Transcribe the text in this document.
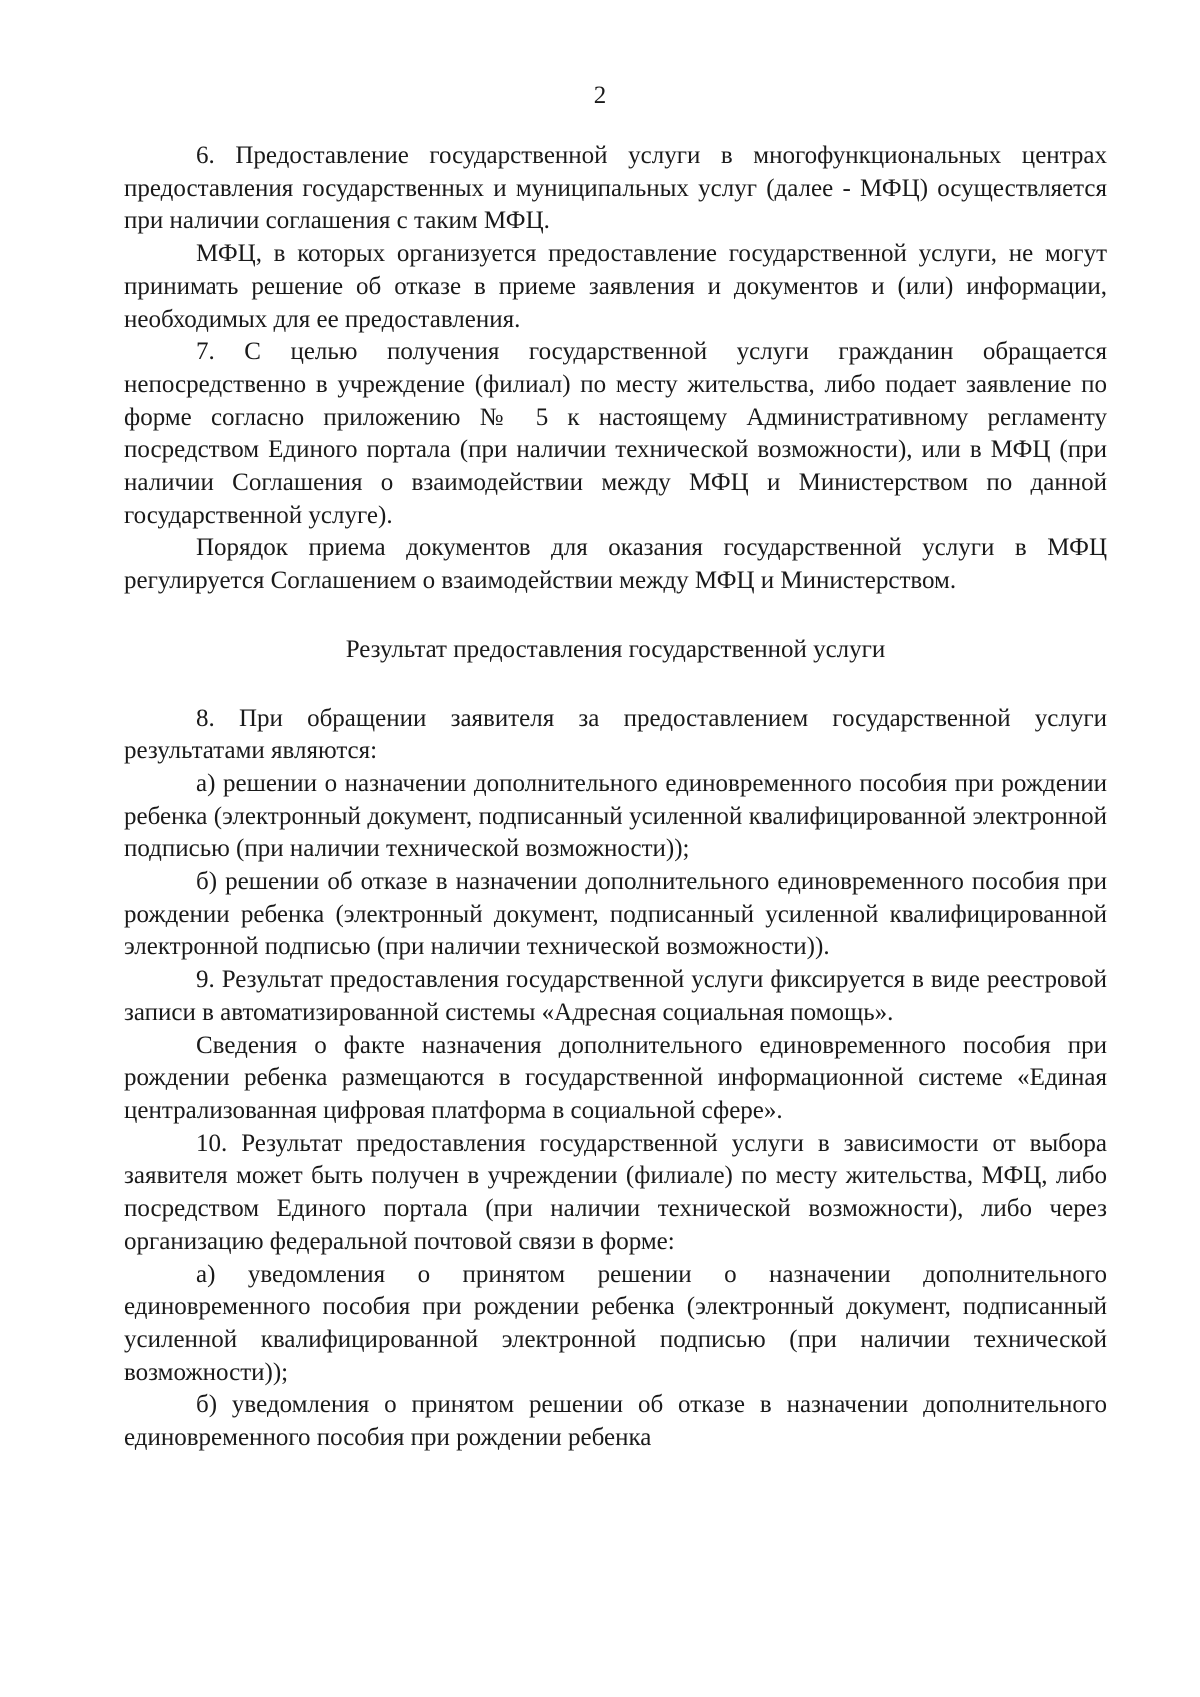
2

6. Предоставление государственной услуги в многофункциональных центрах предоставления государственных и муниципальных услуг (далее - МФЦ) осуществляется при наличии соглашения с таким МФЦ.

МФЦ, в которых организуется предоставление государственной услуги, не могут принимать решение об отказе в приеме заявления и документов и (или) информации, необходимых для ее предоставления.

7. С целью получения государственной услуги гражданин обращается непосредственно в учреждение (филиал) по месту жительства, либо подает заявление по форме согласно приложению № 5 к настоящему Административному регламенту посредством Единого портала (при наличии технической возможности), или в МФЦ (при наличии Соглашения о взаимодействии между МФЦ и Министерством по данной государственной услуге).

Порядок приема документов для оказания государственной услуги в МФЦ регулируется Соглашением о взаимодействии между МФЦ и Министерством.

Результат предоставления государственной услуги

8. При обращении заявителя за предоставлением государственной услуги результатами являются:

а) решении о назначении дополнительного единовременного пособия при рождении ребенка (электронный документ, подписанный усиленной квалифицированной электронной подписью (при наличии технической возможности));

б) решении об отказе в назначении дополнительного единовременного пособия при рождении ребенка (электронный документ, подписанный усиленной квалифицированной электронной подписью (при наличии технической возможности)).

9. Результат предоставления государственной услуги фиксируется в виде реестровой записи в автоматизированной системы «Адресная социальная помощь».

Сведения о факте назначения дополнительного единовременного пособия при рождении ребенка размещаются в государственной информационной системе «Единая централизованная цифровая платформа в социальной сфере».

10. Результат предоставления государственной услуги в зависимости от выбора заявителя может быть получен в учреждении (филиале) по месту жительства, МФЦ, либо посредством Единого портала (при наличии технической возможности), либо через организацию федеральной почтовой связи в форме:

а) уведомления о принятом решении о назначении дополнительного единовременного пособия при рождении ребенка (электронный документ, подписанный усиленной квалифицированной электронной подписью (при наличии технической возможности));

б) уведомления о принятом решении об отказе в назначении дополнительного единовременного пособия при рождении ребенка
